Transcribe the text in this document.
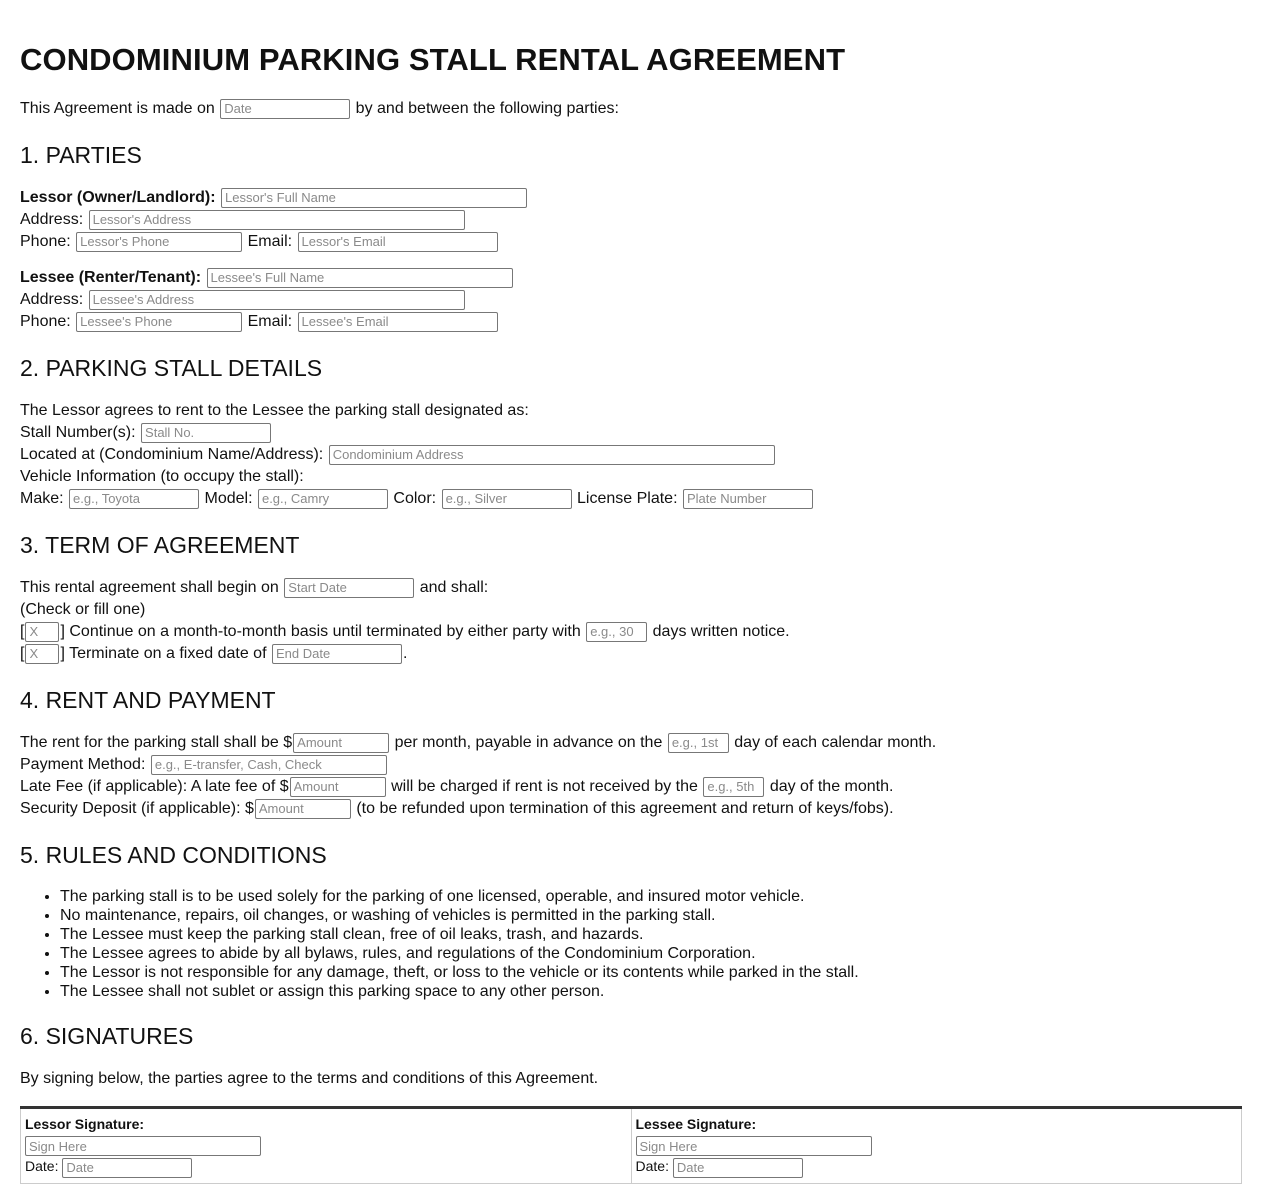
CONDOMINIUM PARKING STALL RENTAL AGREEMENT
This Agreement is made on Date	by and between the following parties:
1. PARTIES
Lessor (Owner/Landlord): Lessor's Full Name
Address: Lessor's Address
Phone: Lessor's Phone	Email: Lessor's Email
Lessee (Renter/Tenant): Lessee's Full Name
Address: Lessee's Address
Phone: Lessee's Phone	Email: Lessee's Email
2. PARKING STALL DETAILS
The Lessor agrees to rent to the Lessee the parking stall designated as:
Stall Number(s): Stall No.
Located at (Condominium Name/Address): Condominium Address
Vehicle Information (to occupy the stall):
Make: e.g., Toyota	Model: e.g., Camry	Color: e.g., Silver	License Plate: Plate Number
3. TERM OF AGREEMENT
This rental agreement shall begin on Start Date	and shall:
(Check or fill one)
[X ] Continue on a month-to-month basis until terminated by either party with e.g., 30	days written notice.
[X ] Terminate on a fixed date of End Date	.
4. RENT AND PAYMENT
The rent for the parking stall shall be $Amount	per month, payable in advance on the e.g., 1st	day of each calendar month.
Payment Method: e.g., E-transfer, Cash, Check
Late Fee (if applicable): A late fee of $Amount	will be charged if rent is not received by the e.g., 5th	day of the month.
Security Deposit (if applicable): $Amount	(to be refunded upon termination of this agreement and return of keys/fobs).
5. RULES AND CONDITIONS
• The parking stall is to be used solely for the parking of one licensed, operable, and insured motor vehicle.
• No maintenance, repairs, oil changes, or washing of vehicles is permitted in the parking stall.
• The Lessee must keep the parking stall clean, free of oil leaks, trash, and hazards.
• The Lessee agrees to abide by all bylaws, rules, and regulations of the Condominium Corporation.
• The Lessor is not responsible for any damage, theft, or loss to the vehicle or its contents while parked in the stall.
• The Lessee shall not sublet or assign this parking space to any other person.
6. SIGNATURES
By signing below, the parties agree to the terms and conditions of this Agreement.
Lessor Signature:
Sign Here
Date: Date

Lessee Signature:
Sign Here
Date: Date
